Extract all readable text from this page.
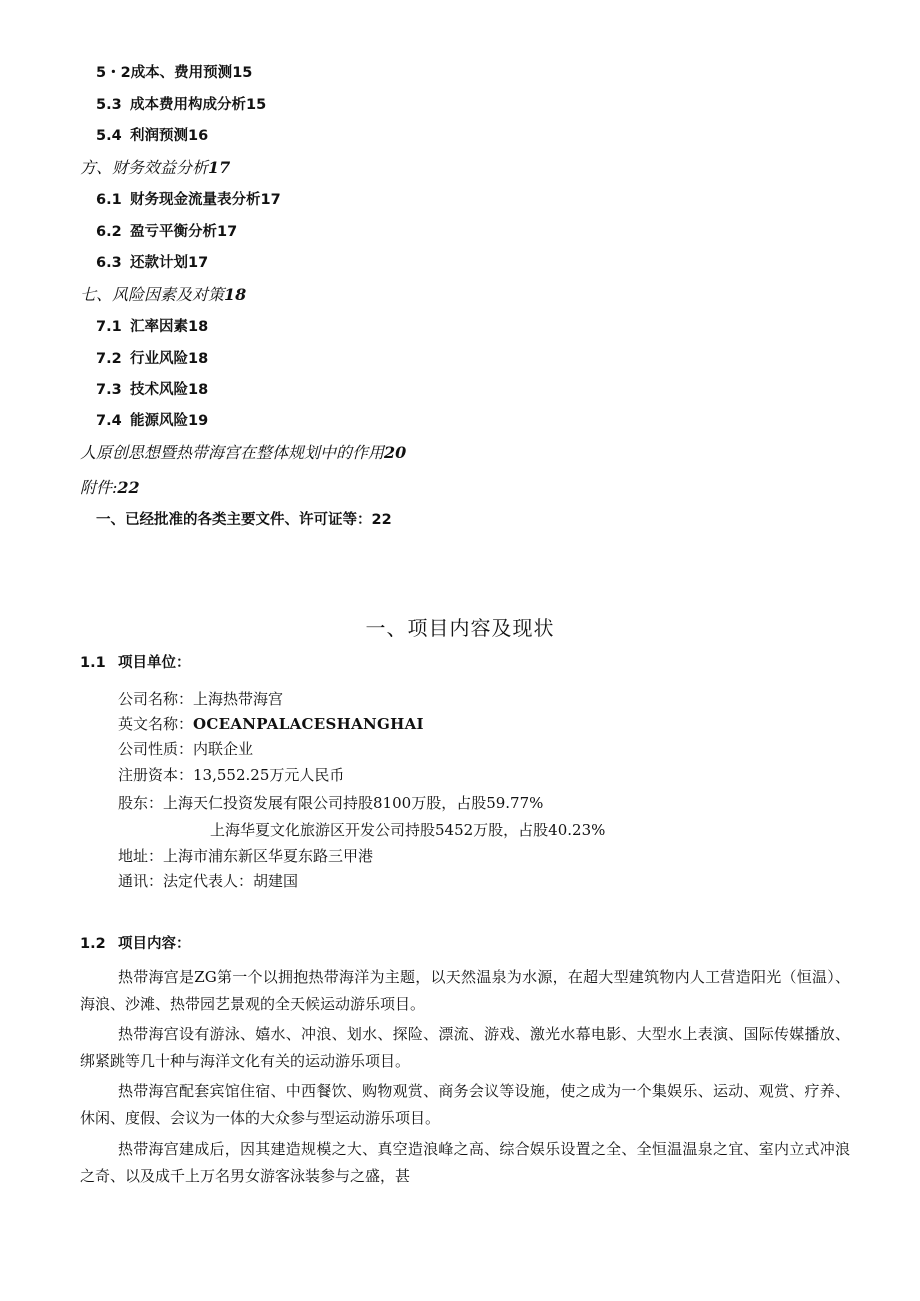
5・2成本、费用预测15
5.3 成本费用构成分析15
5.4 利润预测16
方、财务效益分析17
6.1 财务现金流量表分析17
6.2 盈亏平衡分析17
6.3 还款计划17
七、风险因素及对策18
7.1 汇率因素18
7.2 行业风险18
7.3 技术风险18
7.4 能源风险19
人原创思想暨热带海宫在整体规划中的作用20
附件:22
一、已经批准的各类主要文件、许可证等：22
一、项目内容及现状
1.1 项目单位：
公司名称：上海热带海宫
英文名称：OCEANPALACESHANGHAI
公司性质：内联企业
注册资本：13,552.25万元人民币
股东：上海天仁投资发展有限公司持股8100万股，占股59.77%
上海华夏文化旅游区开发公司持股5452万股，占股40.23%
地址：上海市浦东新区华夏东路三甲港
通讯：法定代表人：胡建国
1.2 项目内容：
热带海宫是ZG第一个以拥抱热带海洋为主题，以天然温泉为水源，在超大型建筑物内人工营造阳光（恒温）、海浪、沙滩、热带园艺景观的全天候运动游乐项目。
热带海宫设有游泳、嬉水、冲浪、划水、探险、漂流、游戏、激光水幕电影、大型水上表演、国际传媒播放、绑紧跳等几十种与海洋文化有关的运动游乐项目。
热带海宫配套宾馆住宿、中西餐饮、购物观赏、商务会议等设施，使之成为一个集娱乐、运动、观赏、疗养、休闲、度假、会议为一体的大众参与型运动游乐项目。
热带海宫建成后，因其建造规模之大、真空造浪峰之高、综合娱乐设置之全、全恒温温泉之宜、室内立式冲浪之奇、以及成千上万名男女游客泳装参与之盛，甚
